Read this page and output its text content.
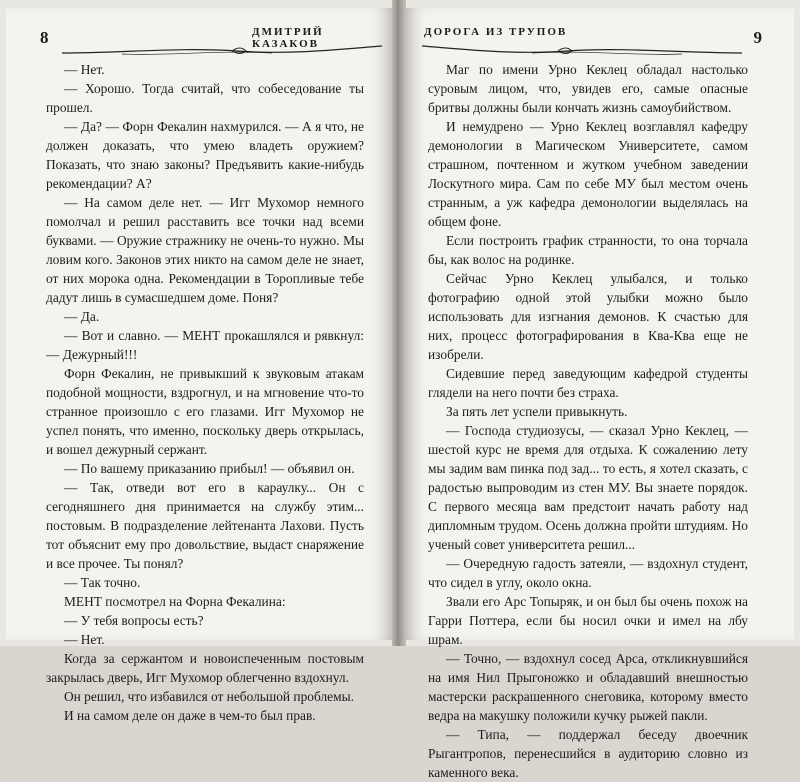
8	ДМИТРИЙ КАЗАКОВ

— Нет.

— Хорошо. Тогда считай, что собеседование ты прошел.

— Да? — Форн Фекалин нахмурился. — А я что, не должен доказать, что умею владеть оружием? Показать, что знаю законы? Предъявить какие-нибудь рекомендации? А?

— На самом деле нет. — Игг Мухомор немного помолчал и решил расставить все точки над всеми буквами. — Оружие стражнику не очень-то нужно. Мы ловим кого. Законов этих никто на самом деле не знает, от них морока одна. Рекомендации в Торопливые тебе дадут лишь в сумасшедшем доме. Поня?

— Да.

— Вот и славно. — МЕНТ прокашлялся и рявкнул: — Дежурный!!!

Форн Фекалин, не привыкший к звуковым атакам подобной мощности, вздрогнул, и на мгновение что-то странное произошло с его глазами. Игг Мухомор не успел понять, что именно, поскольку дверь открылась, и вошел дежурный сержант.

— По вашему приказанию прибыл! — объявил он.

— Так, отведи вот его в караулку... Он с сегодняшнего дня принимается на службу этим... постовым. В подразделение лейтенанта Лахови. Пусть тот объяснит ему про довольствие, выдаст снаряжение и все прочее. Ты понял?

— Так точно.

МЕНТ посмотрел на Форна Фекалина:

— У тебя вопросы есть?

— Нет.

Когда за сержантом и новоиспеченным постовым закрылась дверь, Игг Мухомор облегченно вздохнул.

Он решил, что избавился от небольшой проблемы.

И на самом деле он даже в чем-то был прав.

ДОРОГА ИЗ ТРУПОВ	9

Маг по имени Урно Кеклец обладал настолько суровым лицом, что, увидев его, самые опасные бритвы должны были кончать жизнь самоубийством.

И немудрено — Урно Кеклец возглавлял кафедру демонологии в Магическом Университете, самом страшном, почтенном и жутком учебном заведении Лоскутного мира. Сам по себе МУ был местом очень странным, а уж кафедра демонологии выделялась на общем фоне.

Если построить график странности, то она торчала бы, как волос на родинке.

Сейчас Урно Кеклец улыбался, и только фотографию одной этой улыбки можно было использовать для изгнания демонов. К счастью для них, процесс фотографирования в Ква-Ква еще не изобрели.

Сидевшие перед заведующим кафедрой студенты глядели на него почти без страха.

За пять лет успели привыкнуть.

— Господа студиозусы, — сказал Урно Кеклец, — шестой курс не время для отдыха. К сожалению лету мы задим вам пинка под зад... то есть, я хотел сказать, с радостью выпроводим из стен МУ. Вы знаете порядок. С первого месяца вам предстоит начать работу над дипломным трудом. Осень должна пройти штудиям. Но ученый совет университета решил...

— Очередную гадость затеяли, — вздохнул студент, что сидел в углу, около окна.

Звали его Арс Топыряк, и он был бы очень похож на Гарри Поттера, если бы носил очки и имел на лбу шрам.

— Точно, — вздохнул сосед Арса, откликнувшийся на имя Нил Прыгоножко и обладавший внешностью мастерски раскрашенного снеговика, которому вместо ведра на макушку положили кучку рыжей пакли.

— Типа, — поддержал беседу двоечник Рыгантропов, перенесшийся в аудиторию словно из каменного века.
